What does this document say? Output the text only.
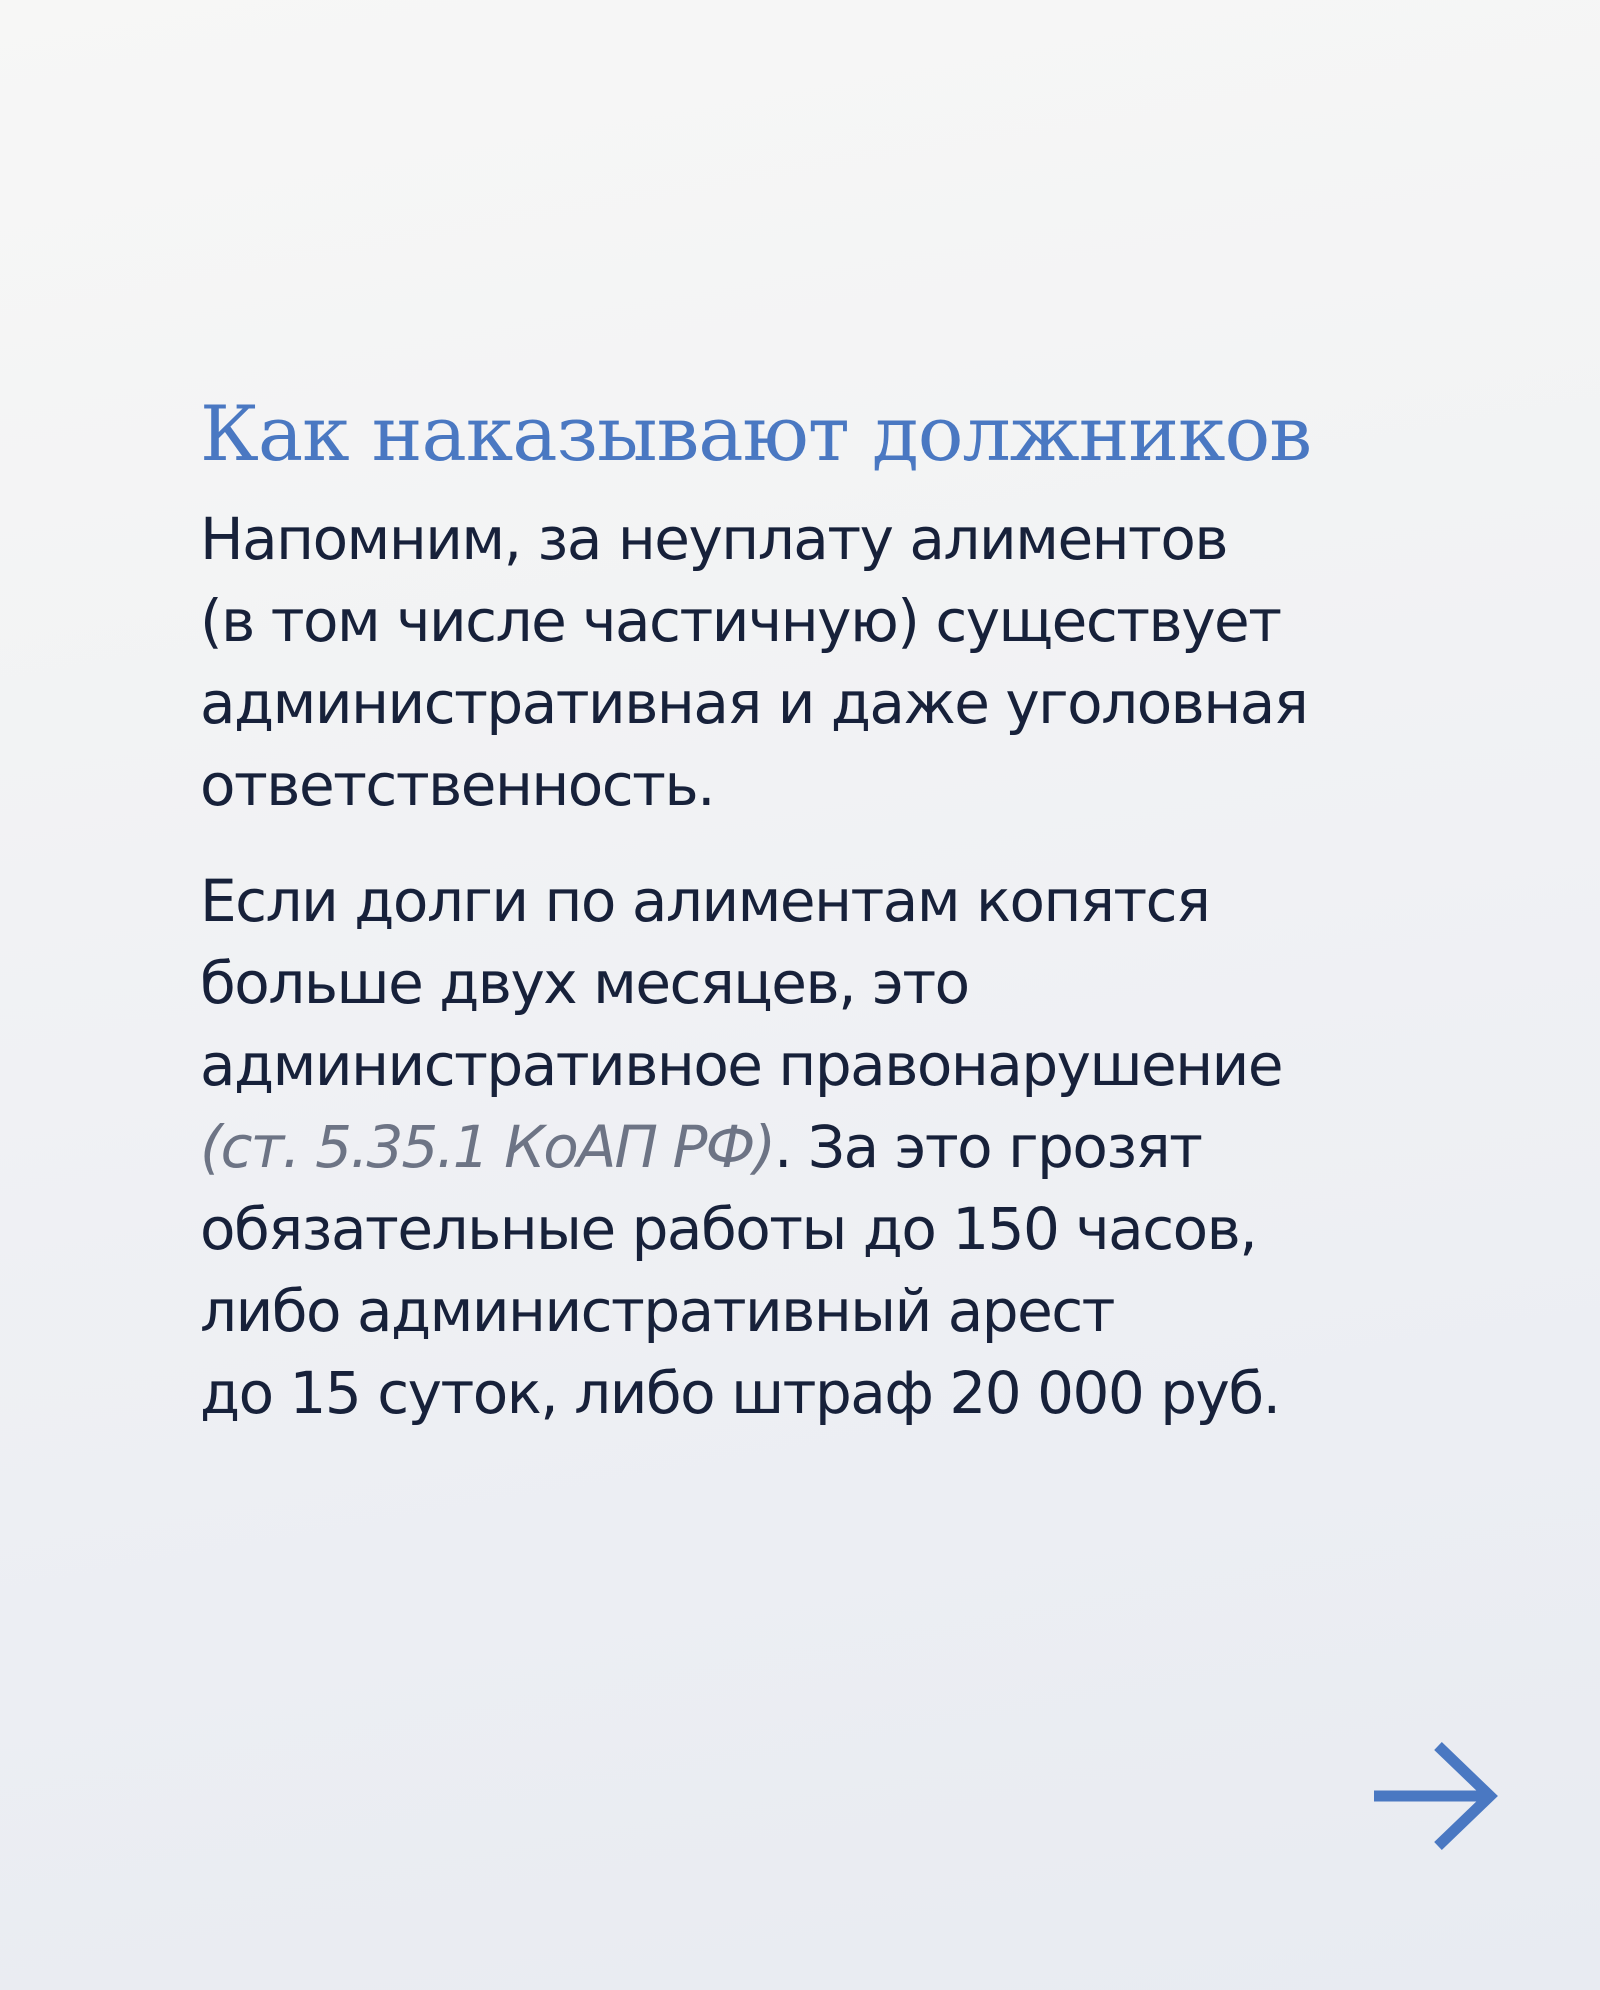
Как наказывают должников

Напомним, за неуплату алиментов
(в том числе частичную) существует
административная и даже уголовная
ответственность.

Если долги по алиментам копятся
больше двух месяцев, это
административное правонарушение
(ст. 5.35.1 КоАП РФ). За это грозят
обязательные работы до 150 часов,
либо административный арест
до 15 суток, либо штраф 20 000 руб.
